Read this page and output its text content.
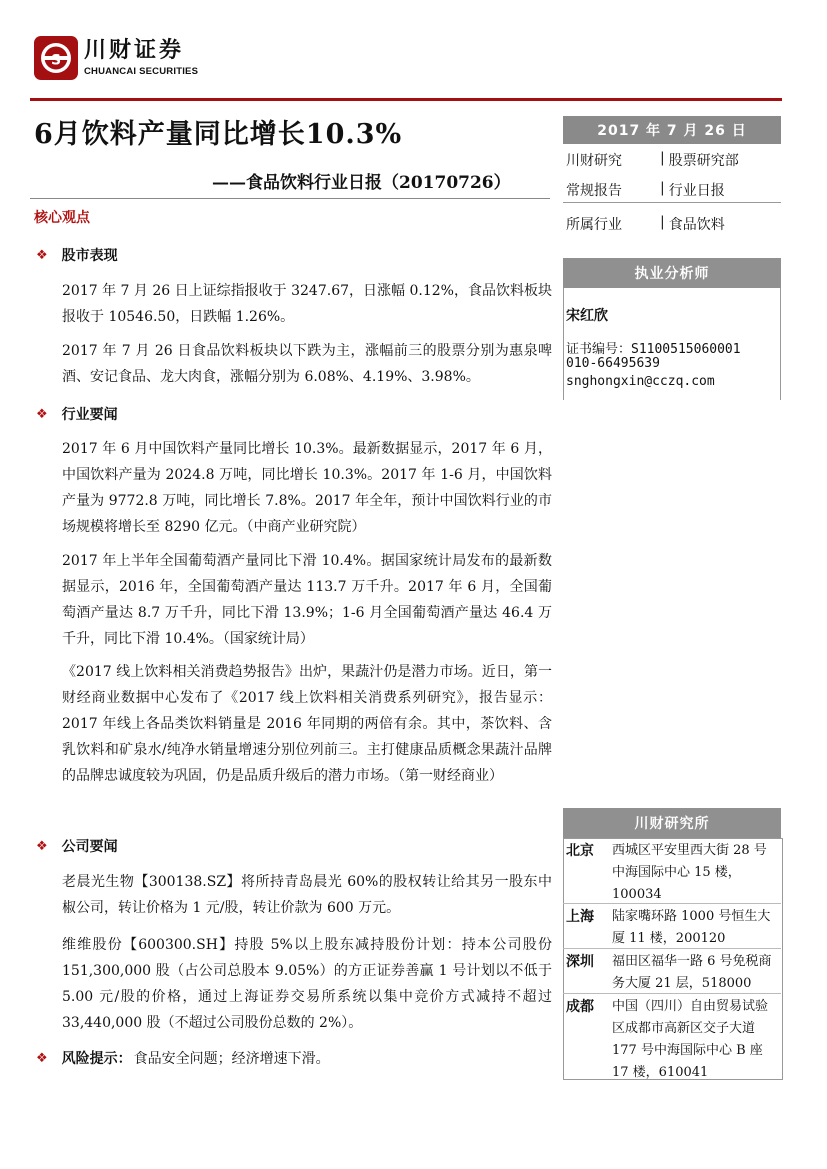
S 川财证券
CHUANCAI SECURITIES
6月饮料产量同比增长10.3%
——食品饮料行业日报（20170726）
核心观点
❖ 股市表现

2017 年 7 月 26 日上证综指报收于 3247.67，日涨幅 0.12%，食品饮料板块报收于 10546.50，日跌幅 1.26%。

2017 年 7 月 26 日食品饮料板块以下跌为主，涨幅前三的股票分别为惠泉啤酒、安记食品、龙大肉食，涨幅分别为 6.08%、4.19%、3.98%。

❖ 行业要闻

2017 年 6 月中国饮料产量同比增长 10.3%。最新数据显示，2017 年 6 月，中国饮料产量为 2024.8 万吨，同比增长 10.3%。2017 年 1-6 月，中国饮料产量为 9772.8 万吨，同比增长 7.8%。2017 年全年，预计中国饮料行业的市场规模将增长至 8290 亿元。（中商产业研究院）

2017 年上半年全国葡萄酒产量同比下滑 10.4%。据国家统计局发布的最新数据显示，2016 年，全国葡萄酒产量达 113.7 万千升。2017 年 6 月，全国葡萄酒产量达 8.7 万千升，同比下滑 13.9%；1-6 月全国葡萄酒产量达 46.4 万千升，同比下滑 10.4%。（国家统计局）

《2017 线上饮料相关消费趋势报告》出炉，果蔬汁仍是潜力市场。近日，第一财经商业数据中心发布了《2017 线上饮料相关消费系列研究》，报告显示：2017 年线上各品类饮料销量是 2016 年同期的两倍有余。其中，茶饮料、含乳饮料和矿泉水/纯净水销量增速分别位列前三。主打健康品质概念果蔬汁品牌的品牌忠诚度较为巩固，仍是品质升级后的潜力市场。（第一财经商业）

❖ 公司要闻

老晨光生物【300138.SZ】将所持青岛晨光 60%的股权转让给其另一股东中椒公司，转让价格为 1 元/股，转让价款为 600 万元。

维维股份【600300.SH】持股 5%以上股东减持股份计划：持本公司股份151,300,000 股（占公司总股本 9.05%）的方正证券善赢 1 号计划以不低于 5.00 元/股的价格，通过上海证券交易所系统以集中竞价方式减持不超过 33,440,000 股（不超过公司股份总数的 2%）。

❖ 风险提示： 食品安全问题；经济增速下滑。
2017 年 7 月 26 日
川财研究	| 股票研究部
常规报告	| 行业日报
所属行业	| 食品饮料
执业分析师
宋红欣
证书编号：S1100515060001
010-66495639
snghongxin@cczq.com
川财研究所
北京 西城区平安里西大街 28 号中海国际中心 15 楼，100034
上海 陆家嘴环路 1000 号恒生大厦 11 楼，200120
深圳 福田区福华一路 6 号免税商务大厦 21 层，518000
成都 中国（四川）自由贸易试验区成都市高新区交子大道 177 号中海国际中心 B 座 17 楼，610041
